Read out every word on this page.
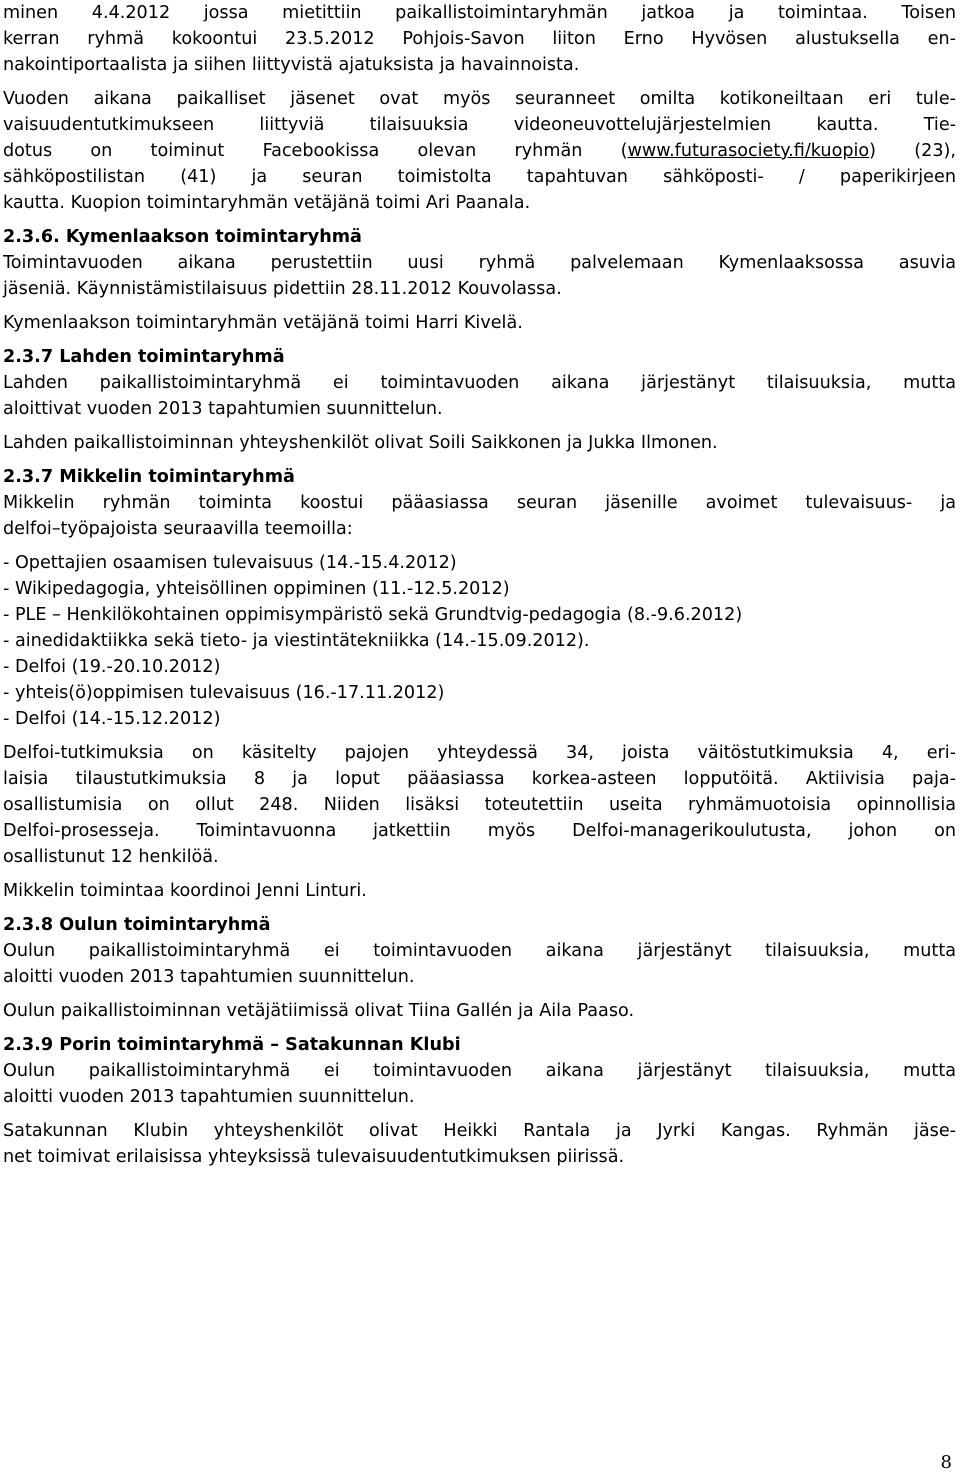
minen 4.4.2012 jossa mietittiin paikallistoimintaryhmän jatkoa ja toimintaa. Toisen
kerran ryhmä kokoontui 23.5.2012 Pohjois-Savon liiton Erno Hyvösen alustuksella en-
nakointiportaalista ja siihen liittyvistä ajatuksista ja havainnoista.
Vuoden aikana paikalliset jäsenet ovat myös seuranneet omilta kotikoneiltaan eri tule-
vaisuudentutkimukseen liittyviä tilaisuuksia videoneuvottelujärjestelmien kautta. Tie-
dotus on toiminut Facebookissa olevan ryhmän (www.futurasociety.fi/kuopio) (23),
sähköpostilistan (41) ja seuran toimistolta tapahtuvan sähköposti- / paperikirjeen
kautta. Kuopion toimintaryhmän vetäjänä toimi Ari Paanala.
2.3.6. Kymenlaakson toimintaryhmä
Toimintavuoden aikana perustettiin uusi ryhmä palvelemaan Kymenlaaksossa asuvia
jäseniä. Käynnistämistilaisuus pidettiin 28.11.2012 Kouvolassa.
Kymenlaakson toimintaryhmän vetäjänä toimi Harri Kivelä.
2.3.7 Lahden toimintaryhmä
Lahden paikallistoimintaryhmä ei toimintavuoden aikana järjestänyt tilaisuuksia, mutta
aloittivat vuoden 2013 tapahtumien suunnittelun.
Lahden paikallistoiminnan yhteyshenkilöt olivat Soili Saikkonen ja Jukka Ilmonen.
2.3.7 Mikkelin toimintaryhmä
Mikkelin ryhmän toiminta koostui pääasiassa seuran jäsenille avoimet tulevaisuus- ja
delfoi–työpajoista seuraavilla teemoilla:
- Opettajien osaamisen tulevaisuus (14.-15.4.2012)
- Wikipedagogia, yhteisöllinen oppiminen (11.-12.5.2012)
- PLE – Henkilökohtainen oppimisympäristö sekä Grundtvig-pedagogia (8.-9.6.2012)
- ainedidaktiikka sekä tieto- ja viestintätekniikka (14.-15.09.2012).
- Delfoi (19.-20.10.2012)
- yhteis(ö)oppimisen tulevaisuus (16.-17.11.2012)
- Delfoi (14.-15.12.2012)
Delfoi-tutkimuksia on käsitelty pajojen yhteydessä 34, joista väitöstutkimuksia 4, eri-
laisia tilaustutkimuksia 8 ja loput pääasiassa korkea-asteen lopputöitä. Aktiivisia paja-
osallistumisia on ollut 248. Niiden lisäksi toteutettiin useita ryhmämuotoisia opinnollisia
Delfoi-prosesseja. Toimintavuonna jatkettiin myös Delfoi-managerikoulutusta, johon on
osallistunut 12 henkilöä.
Mikkelin toimintaa koordinoi Jenni Linturi.
2.3.8 Oulun toimintaryhmä
Oulun paikallistoimintaryhmä ei toimintavuoden aikana järjestänyt tilaisuuksia, mutta
aloitti vuoden 2013 tapahtumien suunnittelun.
Oulun paikallistoiminnan vetäjätiimissä olivat Tiina Gallén ja Aila Paaso.
2.3.9 Porin toimintaryhmä – Satakunnan Klubi
Oulun paikallistoimintaryhmä ei toimintavuoden aikana järjestänyt tilaisuuksia, mutta
aloitti vuoden 2013 tapahtumien suunnittelun.
Satakunnan Klubin yhteyshenkilöt olivat Heikki Rantala ja Jyrki Kangas. Ryhmän jäse-
net toimivat erilaisissa yhteyksissä tulevaisuudentutkimuksen piirissä.
8
